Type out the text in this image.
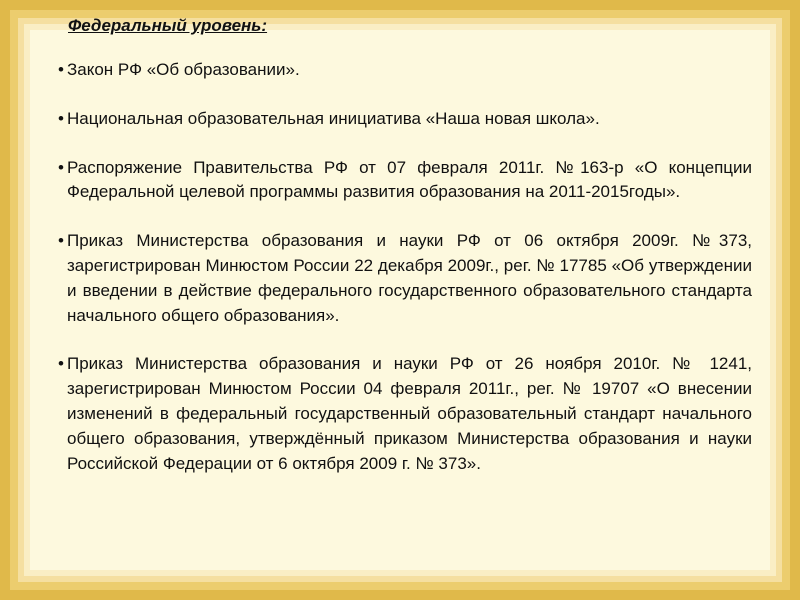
Федеральный уровень:

• Закон РФ «Об образовании».
• Национальная образовательная инициатива «Наша новая школа».
• Распоряжение Правительства РФ от 07 февраля 2011г. №163-р «О концепции Федеральной целевой программы развития образования на 2011-2015годы».
• Приказ Министерства образования и науки РФ от 06 октября 2009г. №373, зарегистрирован Минюстом России 22 декабря 2009г., рег. № 17785 «Об утверждении и введении в действие федерального государственного образовательного стандарта начального общего образования».
• Приказ Министерства образования и науки РФ от 26 ноября 2010г. № 1241, зарегистрирован Минюстом России 04 февраля 2011г., рег. № 19707 «О внесении изменений в федеральный государственный образовательный стандарт начального общего образования, утверждённый приказом Министерства образования и науки Российской Федерации от 6 октября 2009 г. № 373».
